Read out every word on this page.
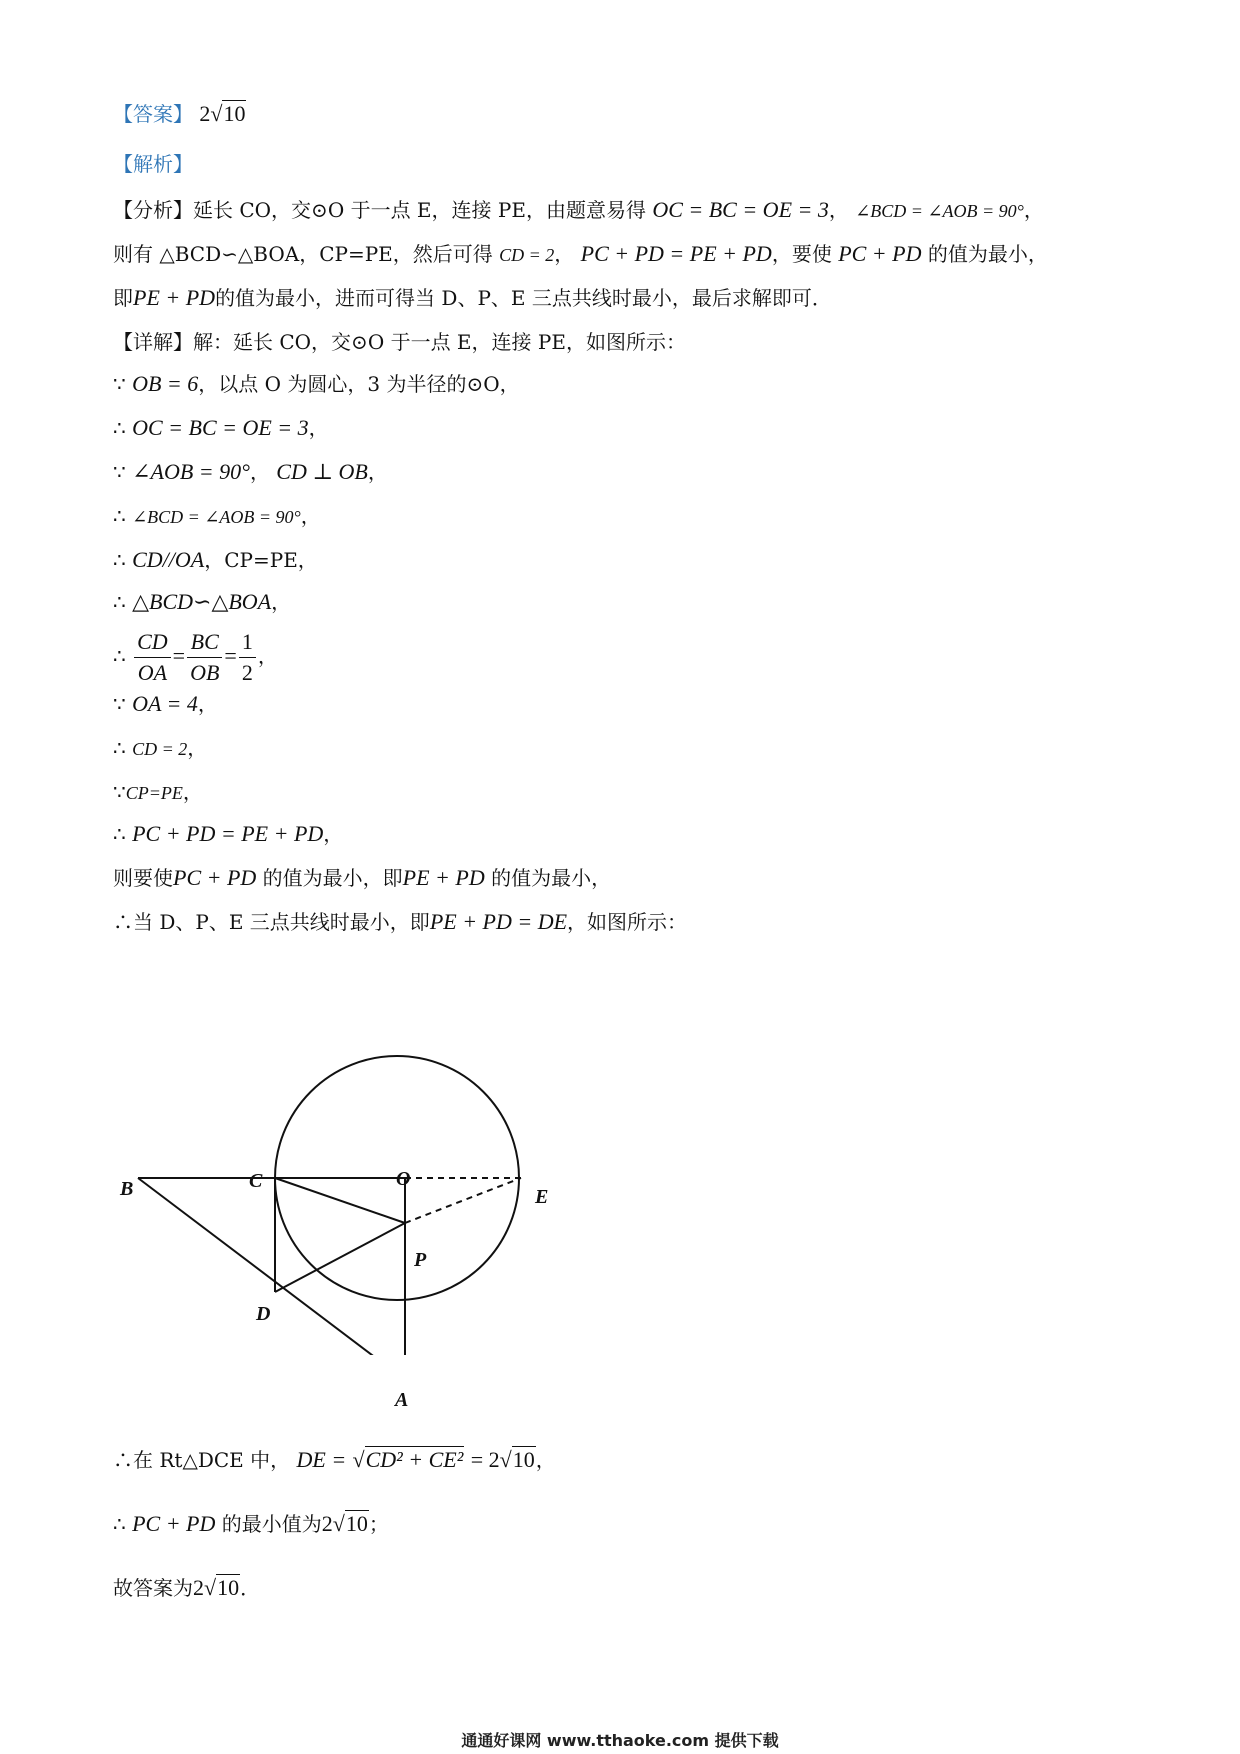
【答案】 2√10
【解析】
【分析】延长 CO，交⊙O 于一点 E，连接 PE，由题意易得 OC = BC = OE = 3， ∠BCD = ∠AOB = 90°，
则有 △BCD∽△BOA，CP=PE，然后可得 CD = 2， PC + PD = PE + PD，要使 PC + PD 的值为最小，
即PE + PD的值为最小，进而可得当 D、P、E 三点共线时最小，最后求解即可．
【详解】解：延长 CO，交⊙O 于一点 E，连接 PE，如图所示：
∵ OB = 6，以点 O 为圆心，3 为半径的⊙O，
∴ OC = BC = OE = 3，
∵ ∠AOB = 90°， CD ⊥ OB，
∴ ∠BCD = ∠AOB = 90°，
∴ CD//OA，CP=PE，
∴ △BCD∽△BOA，
∴ $\frac{CD}{OA} = \frac{BC}{OB} = \frac{1}{2}$ ，
∵ OA = 4，
∴ CD = 2，
∵CP=PE，
∴ PC + PD = PE + PD，
则要使PC + PD 的值为最小，即PE + PD 的值为最小，
∴当 D、P、E 三点共线时最小，即PE + PD = DE，如图所示：
B	C	O
E
P
D
A
∴在 Rt△DCE 中， DE = √CD² + CE² = 2√10，
∴ PC + PD 的最小值为2√10；
故答案为2√10．
通通好课网 www.tthaoke.com 提供下载
